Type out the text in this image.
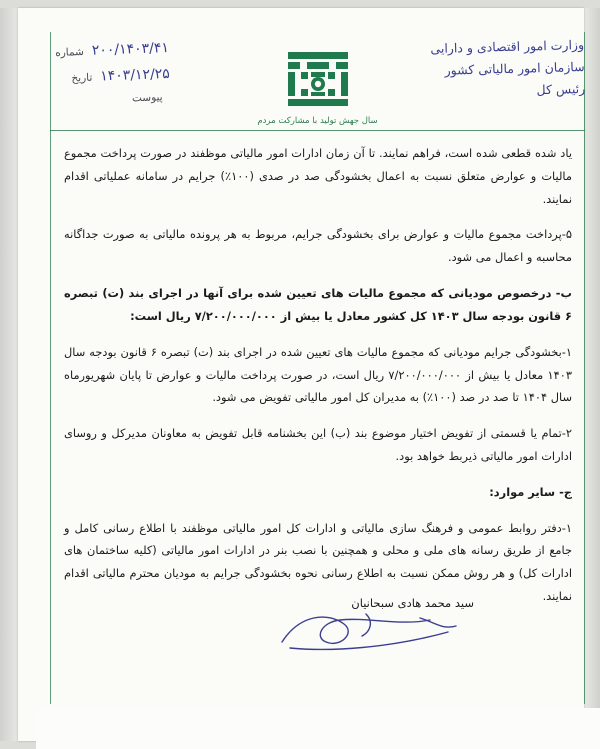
وزارت امور اقتصادی و دارایی
سازمان امور مالیاتی کشور
رئیس کل
۲۰۰/۱۴۰۳/۴۱
شماره
۱۴۰۳/۱۲/۲۵
تاریخ
پیوست
سال جهش تولید با مشارکت مردم

یاد شده قطعی شده است، فراهم نمایند. تا آن زمان ادارات امور مالیاتی موظفند در صورت پرداخت مجموع مالیات و عوارض متعلق نسبت به اعمال بخشودگی صد در صدی (۱۰۰٪) جرایم در سامانه عملیاتی اقدام نمایند.

۵-پرداخت مجموع مالیات و عوارض برای بخشودگی جرایم، مربوط به هر پرونده مالیاتی به صورت جداگانه محاسبه و اعمال می شود.

ب- درخصوص مودیانی که مجموع مالیات های تعیین شده برای آنها در اجرای بند (ت) تبصره ۶ قانون بودجه سال ۱۴۰۳ کل کشور معادل یا بیش از ۷/۲۰۰/۰۰۰/۰۰۰ ریال است:

۱-بخشودگی جرایم مودیانی که مجموع مالیات های تعیین شده در اجرای بند (ت) تبصره ۶ قانون بودجه سال ۱۴۰۳ معادل یا بیش از ۷/۲۰۰/۰۰۰/۰۰۰ ریال است، در صورت پرداخت مالیات و عوارض تا پایان شهریورماه سال ۱۴۰۴ تا صد در صد (۱۰۰٪) به مدیران کل امور مالیاتی تفویض می شود.

۲-تمام یا قسمتی از تفویض اختیار موضوع بند (ب) این بخشنامه قابل تفویض به معاونان مدیرکل و روسای ادارات امور مالیاتی ذیربط خواهد بود.

ج- سایر موارد:

۱-دفتر روابط عمومی و فرهنگ سازی مالیاتی و ادارات کل امور مالیاتی موظفند با اطلاع رسانی کامل و جامع از طریق رسانه های ملی و محلی و همچنین با نصب بنر در ادارات امور مالیاتی (کلیه ساختمان های ادارات کل) و هر روش ممکن نسبت به اطلاع رسانی نحوه بخشودگی جرایم به مودیان محترم مالیاتی اقدام نمایند.

سید محمد هادی سبحانیان
